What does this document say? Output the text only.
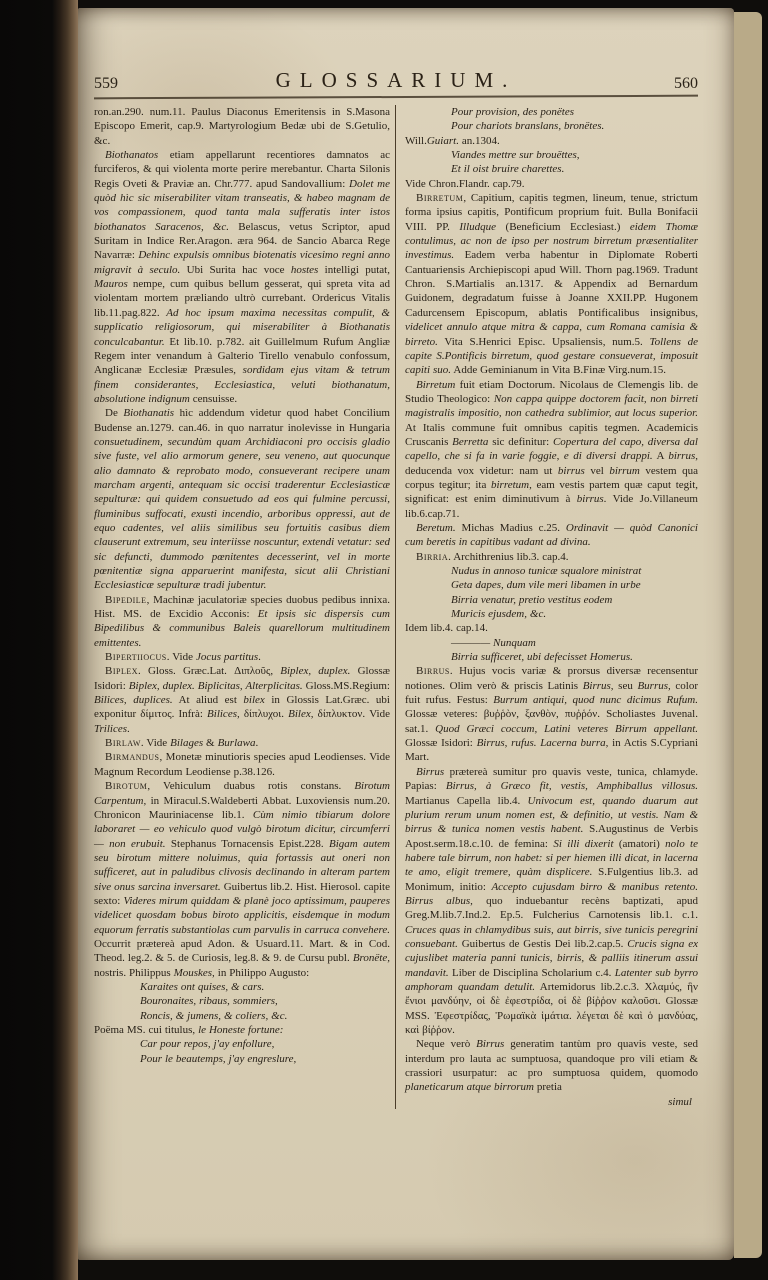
559	GLOSSARIUM.	560

ron.an.290. num.11. Paulus Diaconus Emeritensis in S.Masona Episcopo Emerit, cap.9. Martyrologium Bedæ ubi de S.Getulio, &c.

Biothanatos etiam appellarunt recentiores damnatos ac furciferos, & qui violenta morte perire merebantur. Charta Silonis Regis Oveti & Praviæ an. Chr.777. apud Sandovallium: Dolet me quòd hìc sic miserabiliter vitam transeatis, & habeo magnam de vos compassionem, quod tanta mala sufferatis inter istos biothanatos Saracenos, &c. Belascus, vetus Scriptor, apud Suritam in Indice Rer.Aragon. æra 964. de Sancio Abarca Rege Navarræ: Dehinc expulsis omnibus biotenatis vicesimo regni anno migravit à seculo. Ubi Surita hac voce hostes intelligi putat, Mauros nempe, cum quibus bellum gesserat, qui spreta vita ad violentam mortem præliando ultrò currebant. Ordericus Vitalis lib.11.pag.822. Ad hoc ipsum maxima necessitas compulit, & supplicatio religiosorum, qui miserabiliter à Biothanatis conculcabantur. Et lib.10. p.782. ait Guillelmum Rufum Angliæ Regem inter venandum à Galterio Tirello venabulo confossum, Anglicanæ Ecclesiæ Præsules, sordidam ejus vitam & tetrum finem considerantes, Ecclesiastica, veluti biothanatum, absolutione indignum censuisse.

De Biothanatis hìc addendum videtur quod habet Concilium Budense an.1279. can.46. in quo narratur inolevisse in Hungaria consuetudinem, secundùm quam Archidiaconi pro occisis gladio sive fuste, vel alio armorum genere, seu veneno, aut quocunque alio damnato & reprobato modo, consueverant recipere unam marcham argenti, antequam sic occisi traderentur Ecclesiasticæ sepulturæ: qui quidem consuetudo ad eos qui fulmine percussi, fluminibus suffocati, exusti incendio, arboribus oppressi, aut de equo cadentes, vel aliis similibus seu fortuitis casibus diem clauserunt extremum, seu interiisse noscuntur, extendi vetatur: sed sic defuncti, dummodo pœnitentes decesserint, vel in morte pœnitentiæ signa apparuerint manifesta, sicut alii Christiani Ecclesiasticæ sepulturæ tradi jubentur.

Bipedile, Machinæ jaculatoriæ species duobus pedibus innixa. Hist. MS. de Excidio Acconis: Et ipsis sic dispersis cum Bipedilibus & communibus Baleis quarellorum multitudinem emittentes.

Bipertiiocus. Vide Jocus partitus.

Biplex. Gloss. Græc.Lat. Διπλοῦς, Biplex, duplex. Glossæ Isidori: Biplex, duplex. Biplicitas, Alterplicitas. Gloss.MS.Regium: Bilices, duplices. At aliud est bilex in Glossis Lat.Græc. ubi exponitur δίμιτος. Infrà: Bilices, δίπλυχοι. Bilex, δίπλυκτον. Vide Trilices.

Birlaw. Vide Bilages & Burlawa.

Birmandus, Monetæ minutioris species apud Leodienses. Vide Magnum Recordum Leodiense p.38.126.

Birotum, Vehiculum duabus rotis constans. Birotum Carpentum, in Miracul.S.Waldeberti Abbat. Luxoviensis num.20. Chronicon Mauriniacense lib.1. Cùm nimio tibiarum dolore laboraret — eo vehiculo quod vulgò birotum dicitur, circumferri — non erubuit. Stephanus Tornacensis Epist.228. Bigam autem seu birotum mittere noluimus, quia fortassis aut oneri non sufficeret, aut in paludibus clivosis declinando in alteram partem sive onus sarcina inversaret. Guibertus lib.2. Hist. Hierosol. capite sexto: Videres mirum quiddam & planè joco aptissimum, pauperes videlicet quosdam bobus biroto applicitis, eisdemque in modum equorum ferratis substantiolas cum parvulis in carruca convehere. Occurrit prætereà apud Adon. & Usuard.11. Mart. & in Cod. Theod. leg.2. & 5. de Curiosis, leg.8. & 9. de Cursu publ. Bronëte, nostris. Philippus Mouskes, in Philippo Augusto:

Karaites ont quises, & cars.
Bouronaites, ribaus, sommiers,
Roncis, & jumens, & coliers, &c.

Poëma MS. cui titulus, le Honeste fortune:

Car pour repos, j'ay enfollure,
Pour le beautemps, j'ay engreslure,

Pour provision, des ponëtes
Pour chariots branslans, bronëtes.

Will.Guiart. an.1304.

Viandes mettre sur brouëttes,
Et il oist bruire charettes.

Vide Chron.Flandr. cap.79.

Birretum, Capitium, capitis tegmen, lineum, tenue, strictum forma ipsius capitis, Pontificum proprium fuit. Bulla Bonifacii VIII. PP. Illudque (Beneficium Ecclesiast.) eidem Thomæ contulimus, ac non de ipso per nostrum birretum præsentialiter investimus. Eadem verba habentur in Diplomate Roberti Cantuariensis Archiepiscopi apud Will. Thorn pag.1969. Tradunt Chron. S.Martialis an.1317. & Appendix ad Bernardum Guidonem, degradatum fuisse à Joanne XXII.PP. Hugonem Cadurcensem Episcopum, ablatis Pontificalibus insignibus, videlicet annulo atque mitra & cappa, cum Romana camisia & birreto. Vita S.Henrici Episc. Upsaliensis, num.5. Tollens de capite S.Pontificis birretum, quod gestare consueverat, imposuit capiti suo. Adde Geminianum in Vita B.Finæ Virg.num.15.

Birretum fuit etiam Doctorum. Nicolaus de Clemengis lib. de Studio Theologico: Non cappa quippe doctorem facit, non birreti magistralis impositio, non cathedra sublimior, aut locus superior. At Italis commune fuit omnibus capitis tegmen. Academicis Cruscanis Berretta sic definitur: Copertura del capo, diversa dal capello, che si fa in varie foggie, e di diversi drappi. A birrus, deducenda vox videtur: nam ut birrus vel birrum vestem qua corpus tegitur; ita birretum, eam vestis partem quæ caput tegit, significat: est enim diminutivum à birrus. Vide Jo.Villaneum lib.6.cap.71.

Beretum. Michas Madius c.25. Ordinavit — quòd Canonici cum beretis in capitibus vadant ad divina.

Birria. Archithrenius lib.3. cap.4.

Nudus in annoso tunicæ squalore ministrat
Geta dapes, dum vile meri libamen in urbe
Birria venatur, pretio vestitus eodem
Muricis ejusdem, &c.

Idem lib.4. cap.14.

———— Nunquam
Birria sufficeret, ubi defecisset Homerus.

Birrus. Hujus vocis variæ & prorsus diversæ recensentur notiones. Olim verò & priscis Latinis Birrus, seu Burrus, color fuit rufus. Festus: Burrum antiqui, quod nunc dicimus Rufum. Glossæ veteres: βυῤῥὸν, ξανθὸν, πυῤῥόν. Scholiastes Juvenal. sat.1. Quod Græci coccum, Latini veteres Birrum appellant. Glossæ Isidori: Birrus, rufus. Lacerna burra, in Actis S.Cypriani Mart.

Birrus prætereà sumitur pro quavis veste, tunica, chlamyde. Papias: Birrus, à Græco fit, vestis, Amphiballus villosus. Martianus Capella lib.4. Univocum est, quando duarum aut plurium rerum unum nomen est, & definitio, ut vestis. Nam & birrus & tunica nomen vestis habent. S.Augustinus de Verbis Apost.serm.18.c.10. de femina: Si illi dixerit (amatori) nolo te habere tale birrum, non habet: si per hiemen illi dicat, in lacerna te amo, eligit tremere, quàm displicere. S.Fulgentius lib.3. ad Monimum, initio: Accepto cujusdam birro & manibus retento. Birrus albus, quo induebantur recèns baptizati, apud Greg.M.lib.7.Ind.2. Ep.5. Fulcherius Carnotensis lib.1. c.1. Cruces quas in chlamydibus suis, aut birris, sive tunicis peregrini consuebant. Guibertus de Gestis Dei lib.2.cap.5. Crucis signa ex cujuslibet materia panni tunicis, birris, & palliis itinerum assui mandavit. Liber de Disciplina Scholarium c.4. Latenter sub byrro amphoram quandam detulit. Artemidorus lib.2.c.3. Χλαμύς, ἣν ἔνιοι μανδύην, οἱ δὲ ἐφεστρίδα, οἱ δὲ βίῤῥον καλοῦσι. Glossæ MSS. Ἐφεστρίδας, Ῥωμαϊκὰ ἱμάτια. λέγεται δὲ καὶ ὁ μανδύας, καὶ βίῤῥον.

Neque verò Birrus generatim tantùm pro quavis veste, sed interdum pro lauta ac sumptuosa, quandoque pro vili etiam & crassiori usurpatur: ac pro sumptuosa quidem, quomodo planeticarum atque birrorum pretia

simul
